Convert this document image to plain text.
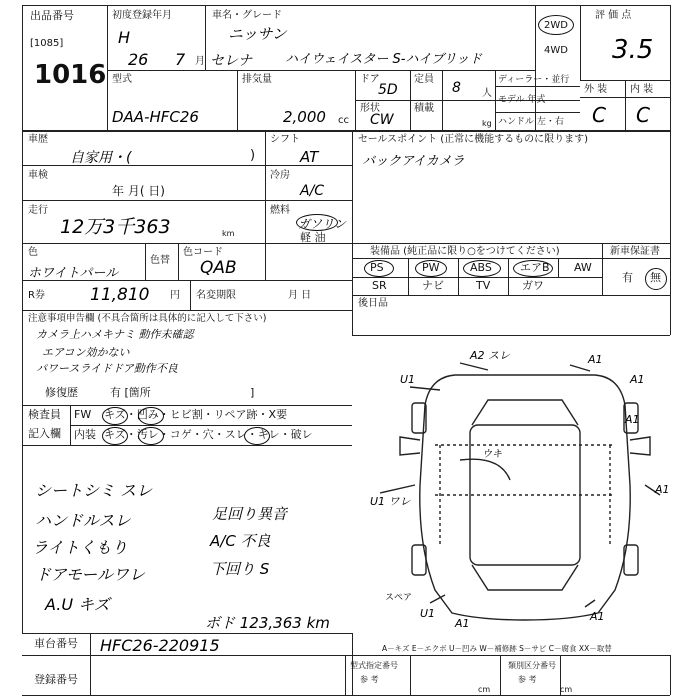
出品番号
[1085]
1016
初度登録年月
H
26 7 月
車名・グレード
ニッサン
セレナ	ハイウェイスター S-ハイブリッド
2WD
4WD
評 価 点
3.5
型式
DAA-HFC26
排気量
2,000 cc
ドア
5D
定員
8 人
形状
CW
積載
kg
ディーラー・並行
モデル 年式
ハンドル 左・右
外 装 内 装
C C
車歴
自家用・(	)
シフト
AT
車検
年 月( 日)
冷房
A/C
走行
12万3千363	km
燃料
ガソリン
軽 油
色
ホワイトパール
色替
色コード
QAB
R券	11,810 円 名変期限	月 日
セールスポイント (正常に機能するものに限ります)
バックアイカメラ
装備品 (純正品に限り○をつけてください)	新車保証書
PS	PW	ABS	エアB AW
SR	ナビ	TV	ガワ
有 無
後日品
注意事項申告欄 (不具合箇所は具体的に記入して下さい)
カメラ上ハメキナミ 動作未確認
エアコン効かない
パワースライドドア動作不良
修復歴	有 [箇所	]
検査員
記入欄
FW キズ・凹み・ヒビ割・リペア跡・X要
内装 キズ・汚レ・コゲ・穴・スレ・キレ・破レ
シートシミ スレ
ハンドルスレ
ライトくもり
ドアモールワレ
A.U キズ
足回り異音
A/C 不良
下回り S
ボド 123,363 km
A2 スレ	A1
U1	A1
A1
U1 ワレ
A1
U1
A1
A1
ウキ
スペア
A－キズ E－エクボ U－凹み W－補修跡 S－サビ C－腐食 XX－取替
車台番号 HFC26-220915
登録番号
型式指定番号
参 考
cm
類別区分番号
参 考
cm
